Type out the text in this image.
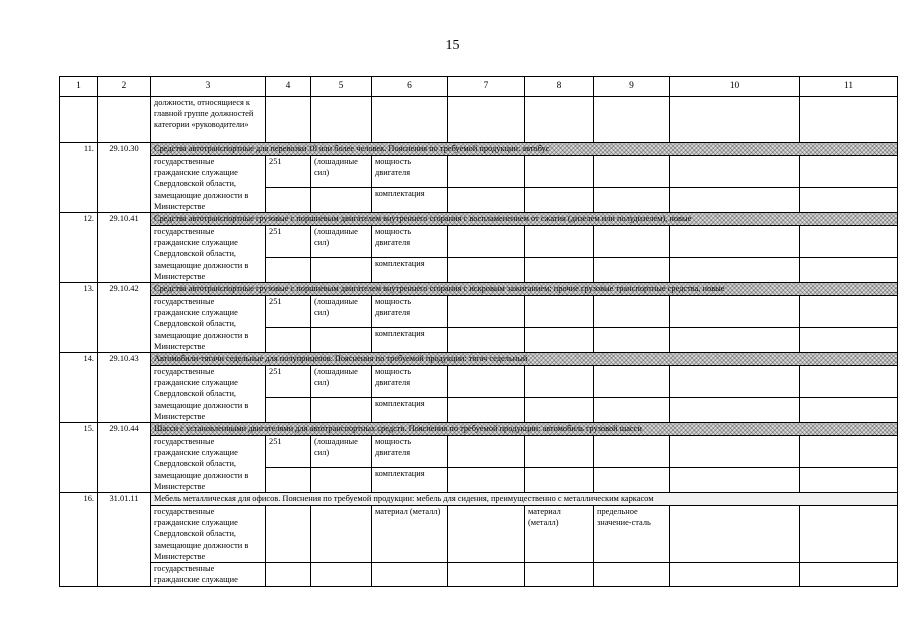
15
1	2	3	4	5	6	7	8	9	10	11
		должности, относящиеся к главной группе должностей категории «руководители»								
11.	29.10.30	Средства автотранспортные для перевозки 10 или более человек. Пояснения по требуемой продукции: автобус								
		государственные гражданские служащие Свердловской области, замещающие должности в Министерстве	251	(лошадиные сил)	мощность двигателя					
					комплектация					
12.	29.10.41	Средства автотранспортные грузовые с поршневым двигателем внутреннего сгорания с воспламенением от сжатия (дизелем или полудизелем), новые								
		государственные гражданские служащие Свердловской области, замещающие должности в Министерстве	251	(лошадиные сил)	мощность двигателя					
					комплектация					
13.	29.10.42	Средства автотранспортные грузовые с поршневым двигателем внутреннего сгорания с искровым зажиганием; прочие грузовые транспортные средства, новые								
		государственные гражданские служащие Свердловской области, замещающие должности в Министерстве	251	(лошадиные сил)	мощность двигателя					
					комплектация					
14.	29.10.43	Автомобили-тягачи седельные для полуприцепов. Пояснения по требуемой продукции: тягач седельный								
		государственные гражданские служащие Свердловской области, замещающие должности в Министерстве	251	(лошадиные сил)	мощность двигателя					
					комплектация					
15.	29.10.44	Шасси с установленными двигателями для автотранспортных средств. Пояснения по требуемой продукции: автомобиль грузовой шасси								
		государственные гражданские служащие Свердловской области, замещающие должности в Министерстве	251	(лошадиные сил)	мощность двигателя					
					комплектация					
16.	31.01.11	Мебель металлическая для офисов. Пояснения по требуемой продукции: мебель для сидения, преимущественно с металлическим каркасом								
		государственные гражданские служащие Свердловской области, замещающие должности в Министерстве			материал (металл)		материал (металл)	предельное значение-сталь		
		государственные гражданские служащие								
